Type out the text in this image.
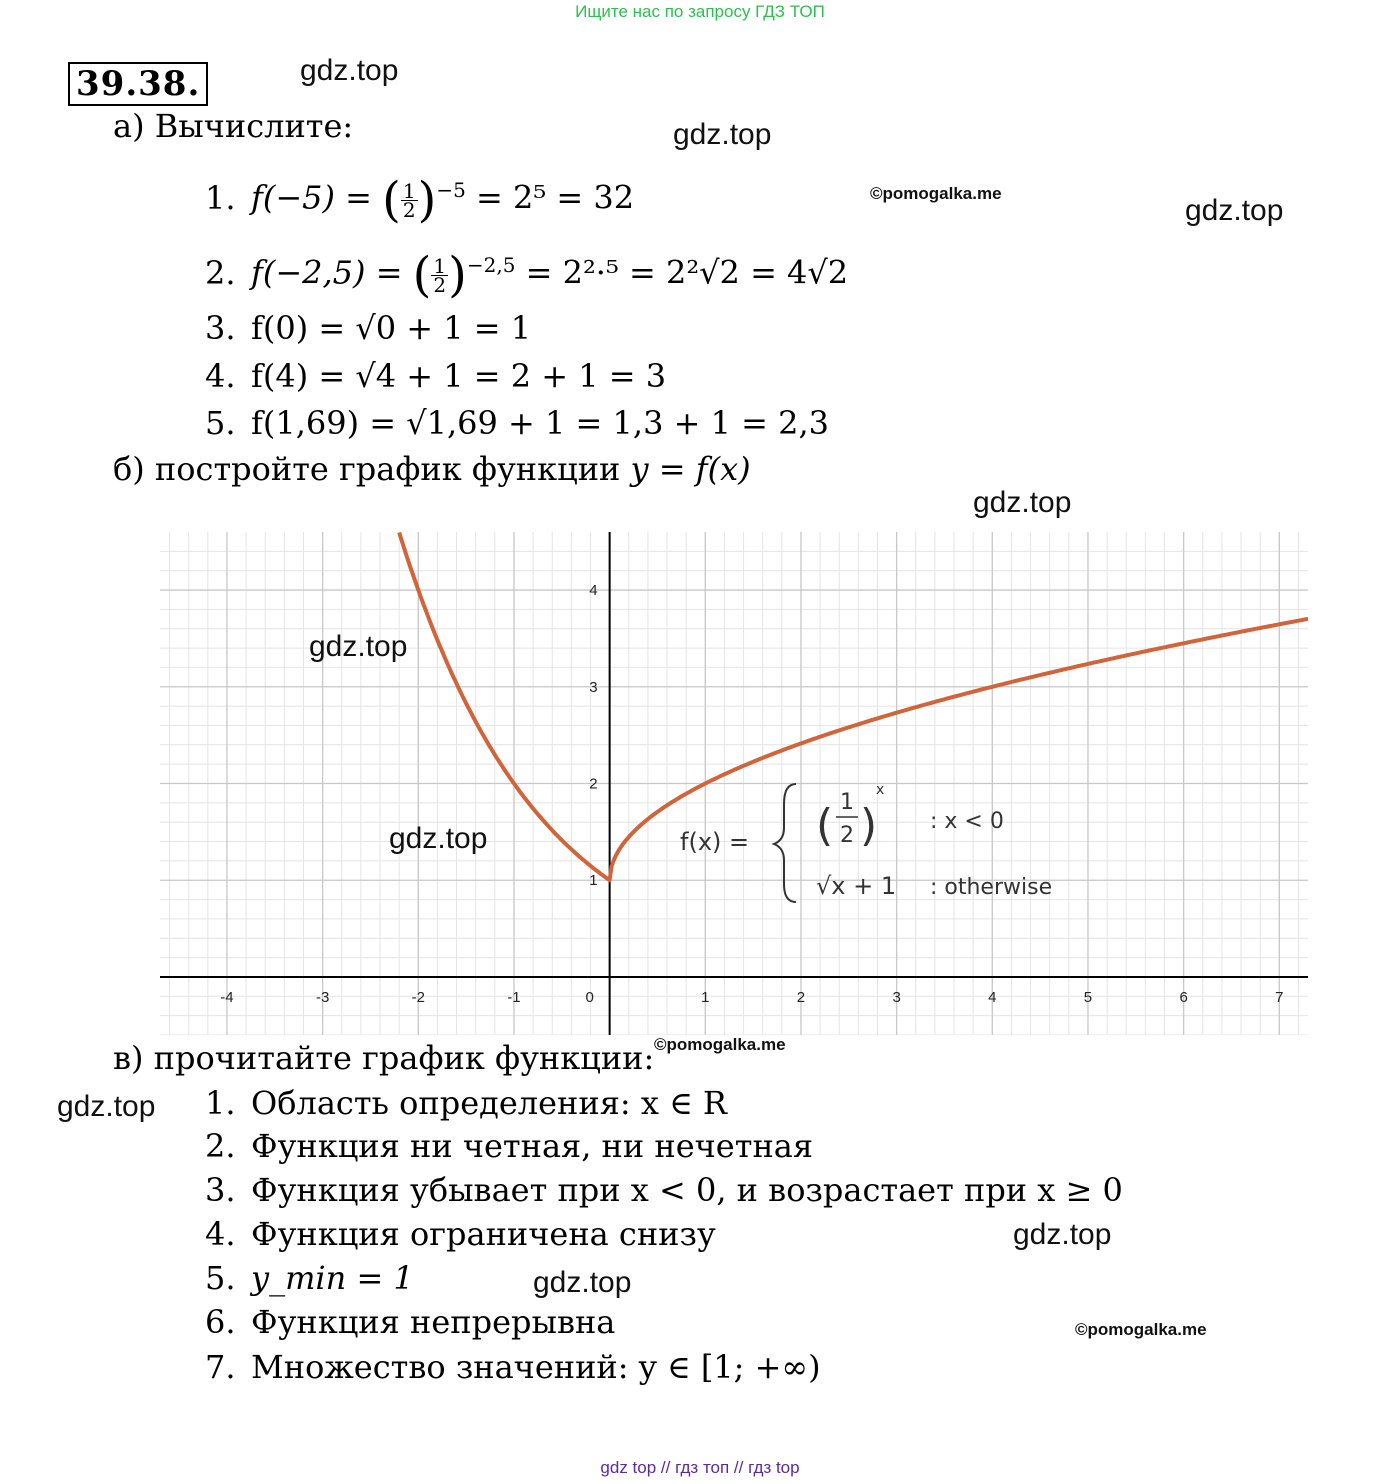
Ищите нас по запросу ГДЗ ТОП
39.38.	gdz.top
gdz.top
gdz.top
gdz.top
gdz.top
gdz.top
gdz.top
gdz.top
gdz.top
©pomogalka.me
©pomogalka.me
©pomogalka.me
а) Вычислите:
1. f(−5) = ( $\frac{1}{2} )^{-5} = 2^5 = 32$
2. f(−2,5) = ( $\frac{1}{2} )^{-2,5} = 2^2\cdot^5 = 2^2√2 = 4√2$
3. f(0) = √0 + 1 = 1
4. f(4) = √4 + 1 = 2 + 1 = 3
5. f(1,69) = √1,69 + 1 = 1,3 + 1 = 2,3
б) постройте график функции y = f(x)
-4	-3	-2	-1	0	1	2	3	4	5	6	7
1
2
3
4
f(x) = ( 1
2 )
x
: x < 0
√x + 1 : otherwise
в) прочитайте график функции:
1. Область определения: x ∈ R
2. Функция ни четная, ни нечетная
3. Функция убывает при x < 0, и возрастает при x ≥ 0
4. Функция ограничена снизу
5. y_min = 1
6. Функция непрерывна
7. Множество значений: y ∈ [1; +∞)
gdz top // гдз топ // гдз top
